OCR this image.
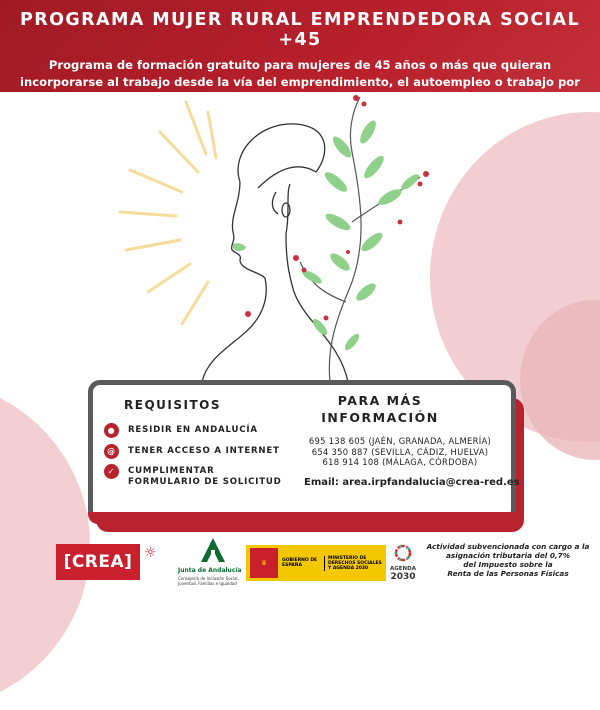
PROGRAMA MUJER RURAL EMPRENDEDORA SOCIAL +45

Programa de formación gratuito para mujeres de 45 años o más que quieran incorporarse al trabajo desde la vía del emprendimiento, el autoempleo o trabajo por cuenta ajena

REQUISITOS
●	RESIDIR EN ANDALUCÍA
@	TENER ACCESO A INTERNET
✓	CUMPLIMENTAR
FORMULARIO DE SOLICITUD
PARA MÁS
INFORMACIÓN
695 138 605 (JAÉN, GRANADA, ALMERÍA)
654 350 887 (SEVILLA, CÁDIZ, HUELVA)
618 914 108 (MÁLAGA, CÓRDOBA)
Email: area.irpfandalucia@crea-red.es
[CREA] ☼
Junta de Andalucía
Consejería de Inclusión Social, Juventud, Familias e Igualdad
♛	GOBIERNO DE ESPAÑA
MINISTERIO DE DERECHOS SOCIALES Y AGENDA 2030	AGENDA
2030
Actividad subvencionada con cargo a la
asignación tributaria del 0,7%
del Impuesto sobre la
Renta de las Personas Físicas
